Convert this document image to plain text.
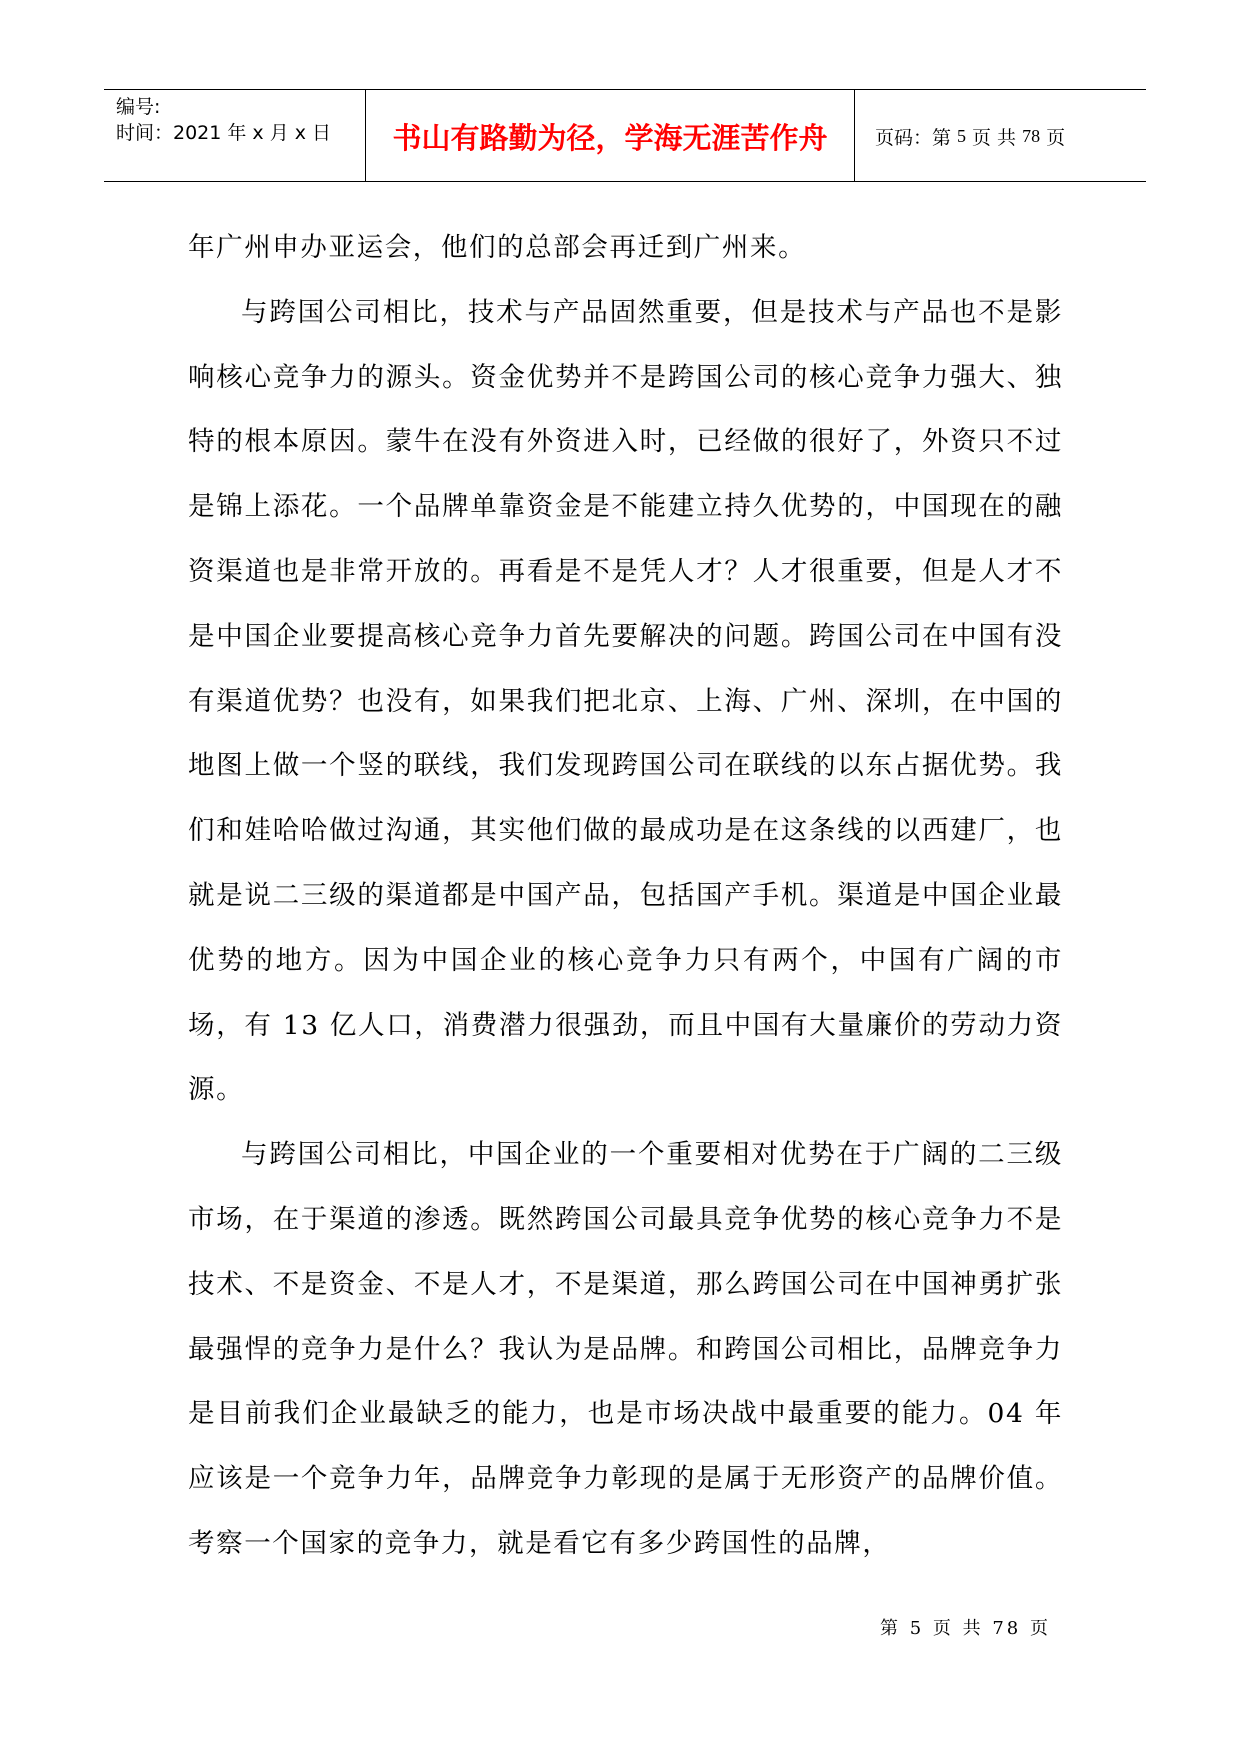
编号:
时间：2021 年 x 月 x 日	书山有路勤为径，学海无涯苦作舟	页码：第 5 页 共 78 页

年广州申办亚运会，他们的总部会再迁到广州来。

与跨国公司相比，技术与产品固然重要，但是技术与产品也不是影响核心竞争力的源头。资金优势并不是跨国公司的核心竞争力强大、独特的根本原因。蒙牛在没有外资进入时，已经做的很好了，外资只不过是锦上添花。一个品牌单靠资金是不能建立持久优势的，中国现在的融资渠道也是非常开放的。再看是不是凭人才？人才很重要，但是人才不是中国企业要提高核心竞争力首先要解决的问题。跨国公司在中国有没有渠道优势？也没有，如果我们把北京、上海、广州、深圳，在中国的地图上做一个竖的联线，我们发现跨国公司在联线的以东占据优势。我们和娃哈哈做过沟通，其实他们做的最成功是在这条线的以西建厂，也就是说二三级的渠道都是中国产品，包括国产手机。渠道是中国企业最优势的地方。因为中国企业的核心竞争力只有两个，中国有广阔的市场，有 13 亿人口，消费潜力很强劲，而且中国有大量廉价的劳动力资源。

与跨国公司相比，中国企业的一个重要相对优势在于广阔的二三级市场，在于渠道的渗透。既然跨国公司最具竞争优势的核心竞争力不是技术、不是资金、不是人才，不是渠道，那么跨国公司在中国神勇扩张最强悍的竞争力是什么？我认为是品牌。和跨国公司相比，品牌竞争力是目前我们企业最缺乏的能力，也是市场决战中最重要的能力。04 年应该是一个竞争力年，品牌竞争力彰现的是属于无形资产的品牌价值。考察一个国家的竞争力，就是看它有多少跨国性的品牌，

第 5 页 共 78 页
